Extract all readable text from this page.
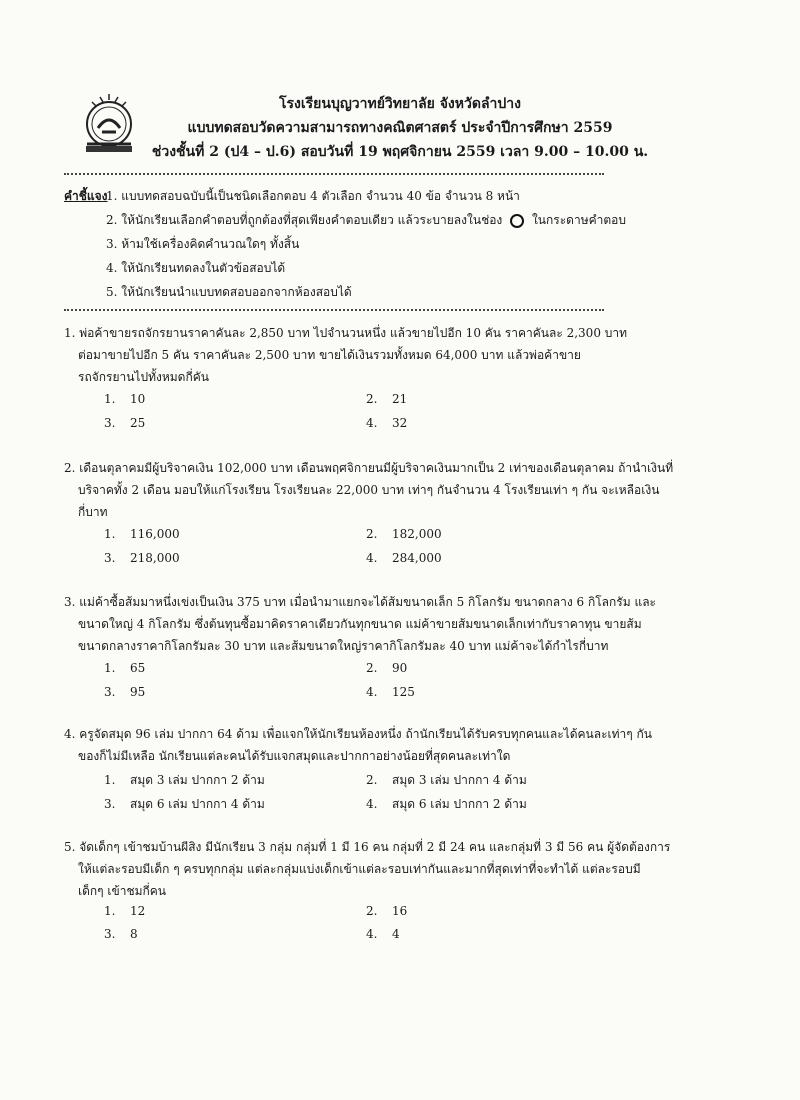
โรงเรียนบุญวาทย์วิทยาลัย จังหวัดลำปาง
แบบทดสอบวัดความสามารถทางคณิตศาสตร์ ประจำปีการศึกษา 2559
ช่วงชั้นที่ 2 (ป4 – ป.6) สอบวันที่ 19 พฤศจิกายน 2559 เวลา 9.00 – 10.00 น.
คำชี้แจง
1. แบบทดสอบฉบับนี้เป็นชนิดเลือกตอบ 4 ตัวเลือก จำนวน 40 ข้อ จำนวน 8 หน้า
2. ให้นักเรียนเลือกคำตอบที่ถูกต้องที่สุดเพียงคำตอบเดียว แล้วระบายลงในช่อง ในกระดาษคำตอบ
3. ห้ามใช้เครื่องคิดคำนวณใดๆ ทั้งสิ้น
4. ให้นักเรียนทดลงในตัวข้อสอบได้
5. ให้นักเรียนนำแบบทดสอบออกจากห้องสอบได้
1. พ่อค้าขายรถจักรยานราคาคันละ 2,850 บาท ไปจำนวนหนึ่ง แล้วขายไปอีก 10 คัน ราคาคันละ 2,300 บาท
ต่อมาขายไปอีก 5 คัน ราคาคันละ 2,500 บาท ขายได้เงินรวมทั้งหมด 64,000 บาท แล้วพ่อค้าขาย
รถจักรยานไปทั้งหมดกี่คัน
1. 10	2. 21
3. 25	4. 32
2. เดือนตุลาคมมีผู้บริจาคเงิน 102,000 บาท เดือนพฤศจิกายนมีผู้บริจาคเงินมากเป็น 2 เท่าของเดือนตุลาคม ถ้านำเงินที่
บริจาคทั้ง 2 เดือน มอบให้แก่โรงเรียน โรงเรียนละ 22,000 บาท เท่าๆ กันจำนวน 4 โรงเรียนเท่า ๆ กัน จะเหลือเงิน
กี่บาท
1. 116,000	2. 182,000
3. 218,000	4. 284,000
3. แม่ค้าซื้อส้มมาหนึ่งเข่งเป็นเงิน 375 บาท เมื่อนำมาแยกจะได้ส้มขนาดเล็ก 5 กิโลกรัม ขนาดกลาง 6 กิโลกรัม และ
ขนาดใหญ่ 4 กิโลกรัม ซึ่งต้นทุนซื้อมาคิดราคาเดียวกันทุกขนาด แม่ค้าขายส้มขนาดเล็กเท่ากับราคาทุน ขายส้ม
ขนาดกลางราคากิโลกรัมละ 30 บาท และส้มขนาดใหญ่ราคากิโลกรัมละ 40 บาท แม่ค้าจะได้กำไรกี่บาท
1. 65	2. 90
3. 95	4. 125
4. ครูจัดสมุด 96 เล่ม ปากกา 64 ด้าม เพื่อแจกให้นักเรียนห้องหนึ่ง ถ้านักเรียนได้รับครบทุกคนและได้คนละเท่าๆ กัน
ของก็ไม่มีเหลือ นักเรียนแต่ละคนได้รับแจกสมุดและปากกาอย่างน้อยที่สุดคนละเท่าใด
1. สมุด 3 เล่ม ปากกา 2 ด้าม	2. สมุด 3 เล่ม ปากกา 4 ด้าม
3. สมุด 6 เล่ม ปากกา 4 ด้าม	4. สมุด 6 เล่ม ปากกา 2 ด้าม
5. จัดเด็กๆ เข้าชมบ้านผีสิง มีนักเรียน 3 กลุ่ม กลุ่มที่ 1 มี 16 คน กลุ่มที่ 2 มี 24 คน และกลุ่มที่ 3 มี 56 คน ผู้จัดต้องการ
ให้แต่ละรอบมีเด็ก ๆ ครบทุกกลุ่ม แต่ละกลุ่มแบ่งเด็กเข้าแต่ละรอบเท่ากันและมากที่สุดเท่าที่จะทำได้ แต่ละรอบมี
เด็กๆ เข้าชมกี่คน
1. 12	2. 16
3. 8	4. 4
